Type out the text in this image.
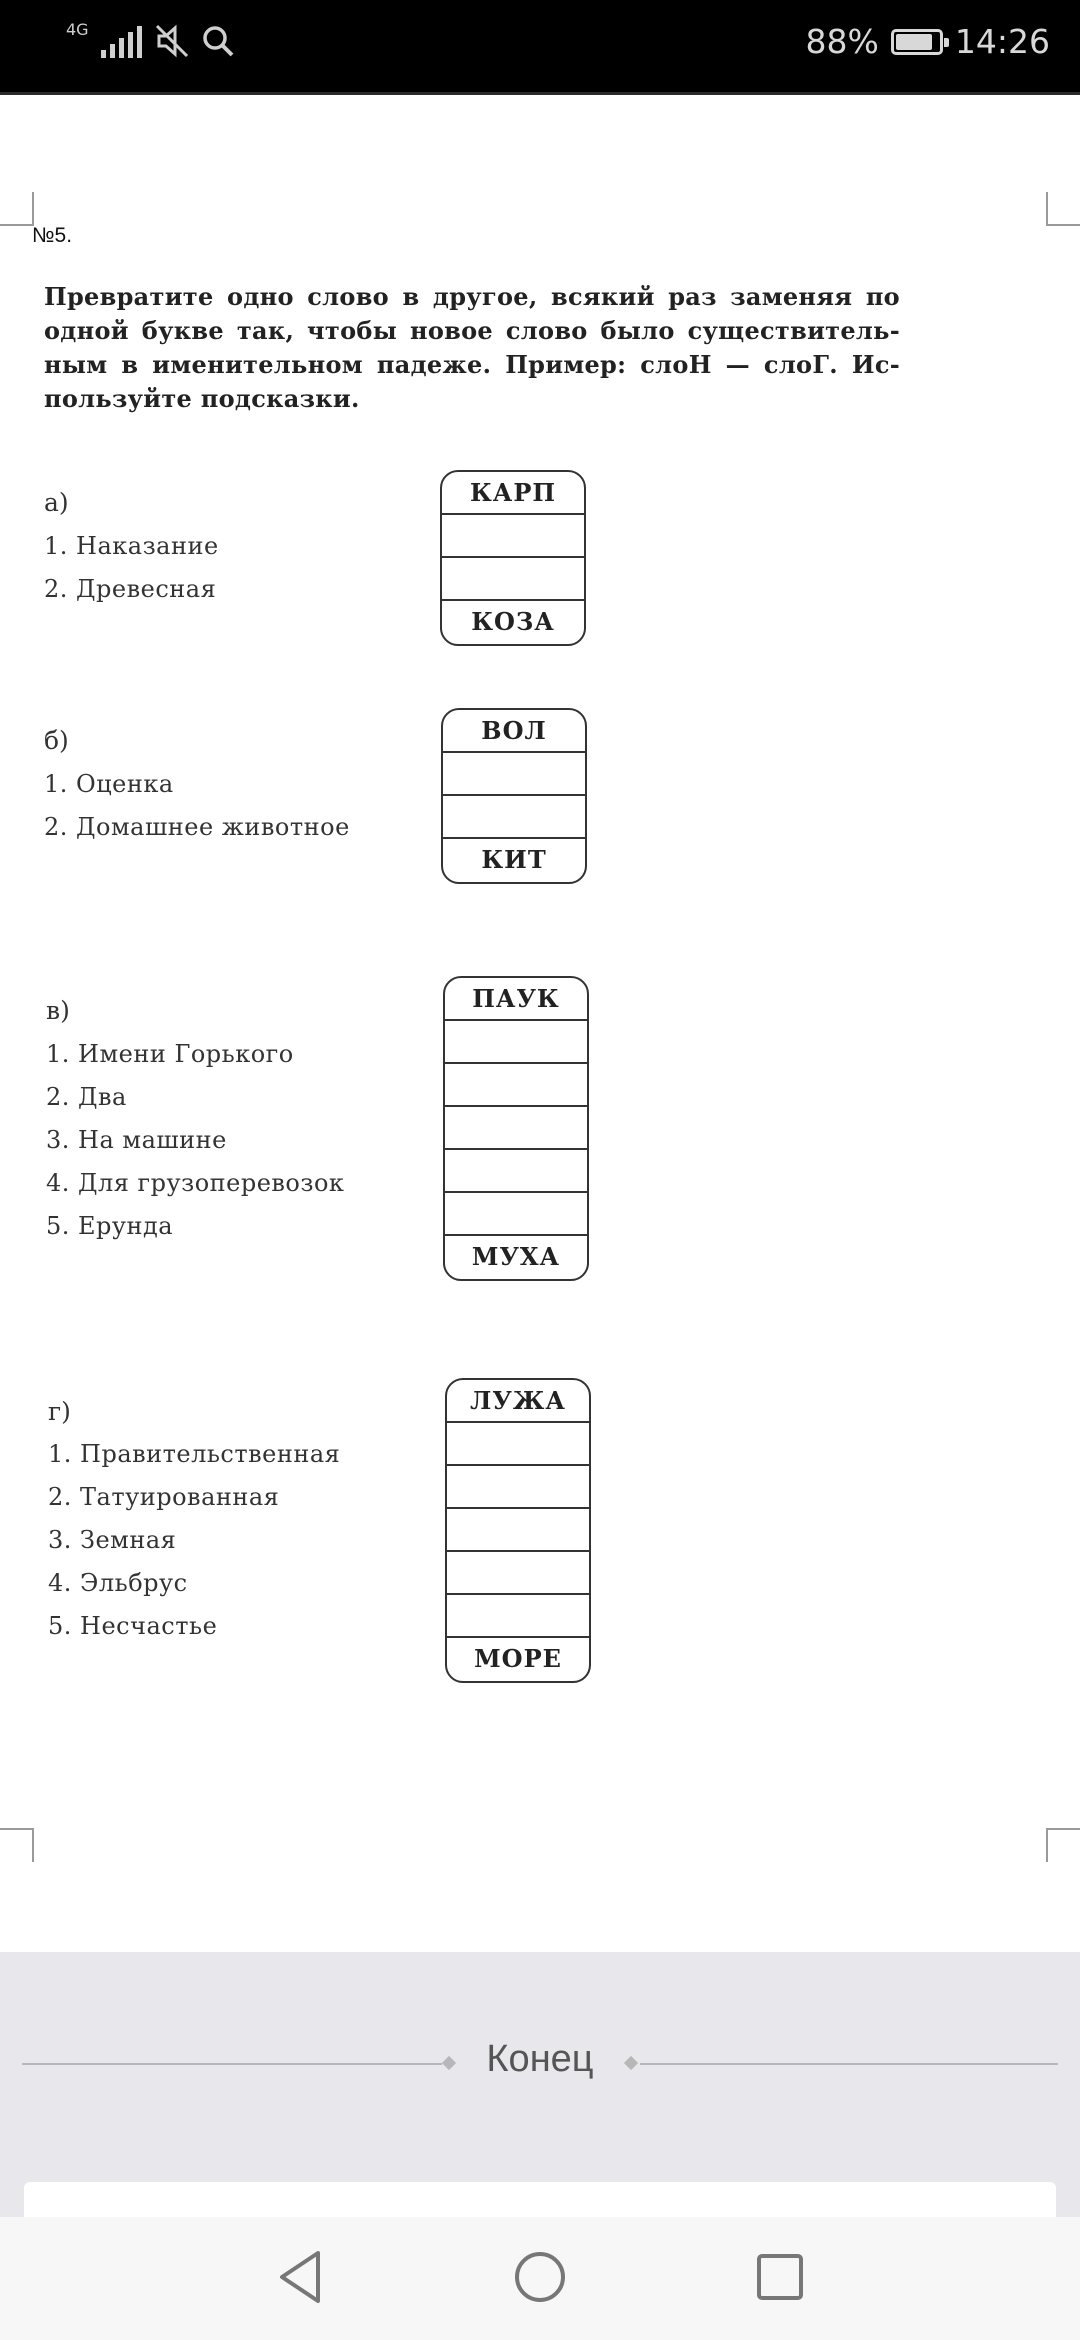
4G	88% 14:26
№5.
Превратите одно слово в другое, всякий раз заменяя по одной букве так, чтобы новое слово было существитель-ным в именительном падеже. Пример: слоН — слоГ. Ис-пользуйте подсказки.
а)
1. Наказание
2. Древесная
КАРП
КОЗА
б)
1. Оценка
2. Домашнее животное
ВОЛ
КИТ
в)
1. Имени Горького
2. Два
3. На машине
4. Для грузоперевозок
5. Ерунда
ПАУК
МУХА
г)
1. Правительственная
2. Татуированная
3. Земная
4. Эльбрус
5. Несчастье
ЛУЖА
МОРЕ
Конец
